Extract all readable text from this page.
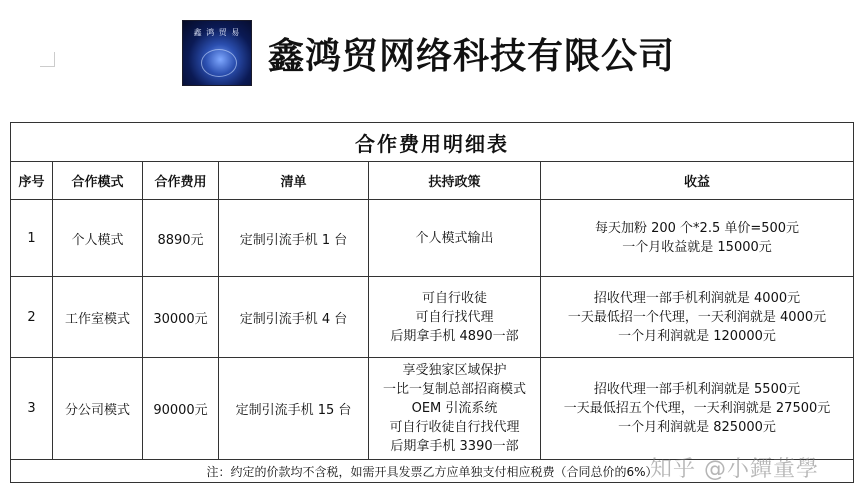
鑫 鸿 贸 易
鑫鸿贸网络科技有限公司
合作费用明细表					
序号	合作模式	合作费用	清单	扶持政策	收益
1	个人模式	8890元	定制引流手机 1 台	个人模式输出	每天加粉 200 个*2.5 单价=500元
一个月收益就是 15000元

2	工作室模式	30000元	定制引流手机 4 台	可自行收徒
可自行找代理
后期拿手机 4890一部	招收代理一部手机利润就是 4000元
一天最低招一个代理，一天利润就是 4000元
一个月利润就是 120000元

3	分公司模式	90000元	定制引流手机 15 台	享受独家区域保护
一比一复制总部招商模式
OEM 引流系统
可自行收徒自行找代理
后期拿手机 3390一部	招收代理一部手机利润就是 5500元
一天最低招五个代理，一天利润就是 27500元
一个月利润就是 825000元

注：约定的价款均不含税，如需开具发票乙方应单独支付相应税费（合同总价的6%）					
知乎 @小鐔董學
